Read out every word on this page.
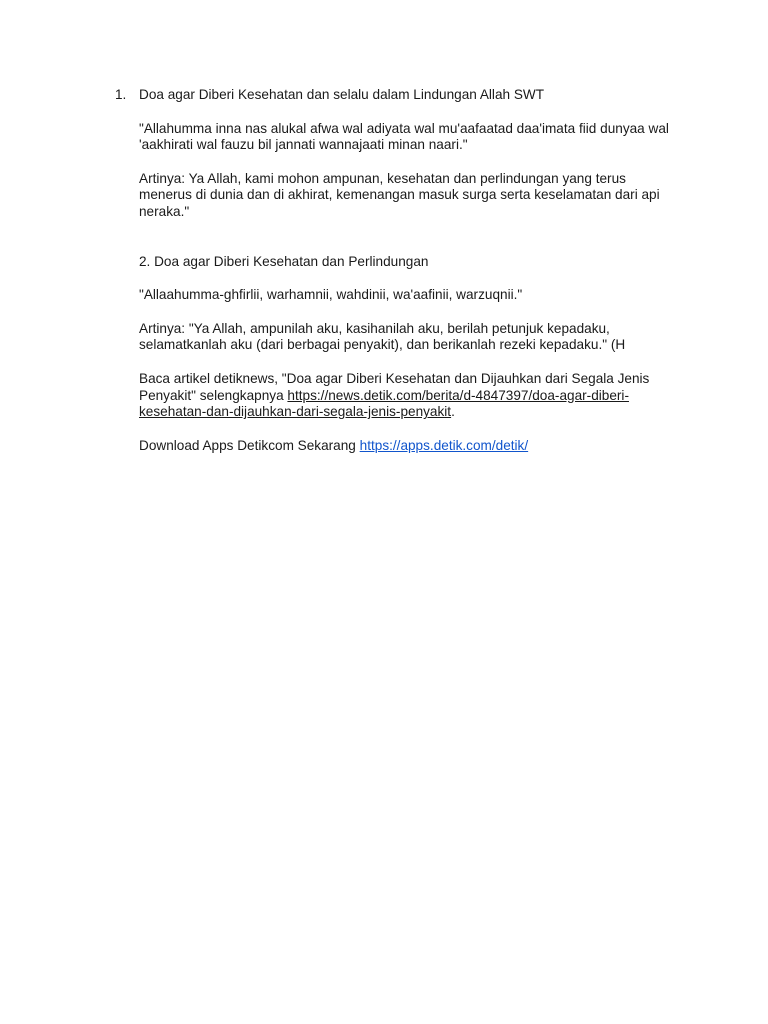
1. Doa agar Diberi Kesehatan dan selalu dalam Lindungan Allah SWT

"Allahumma inna nas alukal afwa wal adiyata wal mu'aafaatad daa'imata fiid dunyaa wal 'aakhirati wal fauzu bil jannati wannajaati minan naari."

Artinya: Ya Allah, kami mohon ampunan, kesehatan dan perlindungan yang terus menerus di dunia dan di akhirat, kemenangan masuk surga serta keselamatan dari api neraka."

2. Doa agar Diberi Kesehatan dan Perlindungan

"Allaahumma-ghfirlii, warhamnii, wahdinii, wa'aafinii, warzuqnii."

Artinya: "Ya Allah, ampunilah aku, kasihanilah aku, berilah petunjuk kepadaku, selamatkanlah aku (dari berbagai penyakit), dan berikanlah rezeki kepadaku." (H

Baca artikel detiknews, "Doa agar Diberi Kesehatan dan Dijauhkan dari Segala Jenis Penyakit" selengkapnya https://news.detik.com/berita/d-4847397/doa-agar-diberi-kesehatan-dan-dijauhkan-dari-segala-jenis-penyakit.

Download Apps Detikcom Sekarang https://apps.detik.com/detik/
